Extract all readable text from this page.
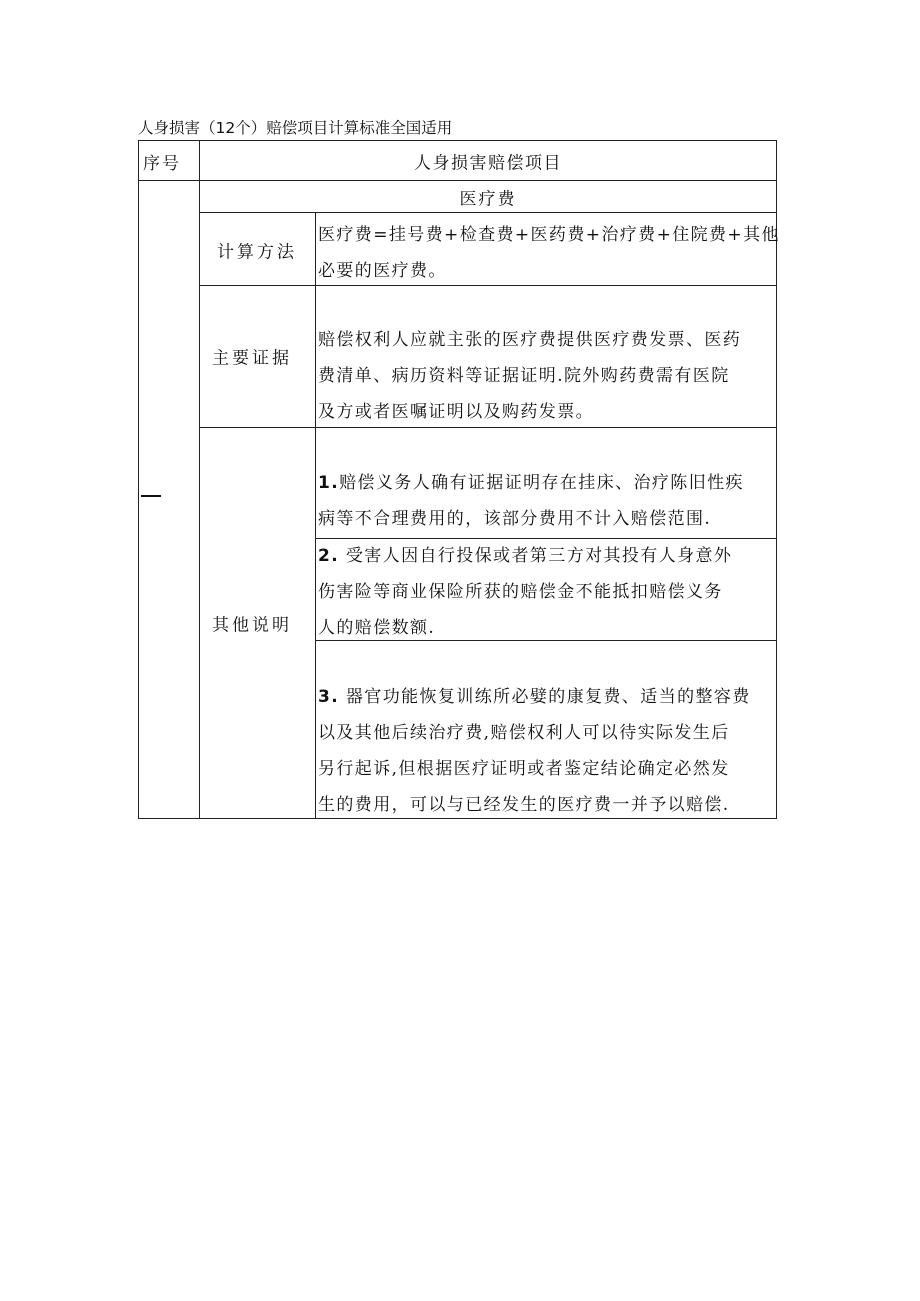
人身损害（12个）赔偿项目计算标准全国适用
序号	人身损害赔偿项目
医疗费
计算方法
主要证据
其他说明
医疗费=挂号费+检查费+医药费+治疗费+住院费+其他
必要的医疗费。
赔偿权利人应就主张的医疗费提供医疗费发票、医药
费清单、病历资料等证据证明.院外购药费需有医院
及方或者医嘱证明以及购药发票。
1.赔偿义务人确有证据证明存在挂床、治疗陈旧性疾
病等不合理费用的，该部分费用不计入赔偿范围.
2. 受害人因自行投保或者第三方对其投有人身意外
伤害险等商业保险所获的赔偿金不能抵扣赔偿义务
人的赔偿数额.
3. 器官功能恢复训练所必嬖的康复费、适当的整容费
以及其他后续治疗费,赔偿权利人可以待实际发生后
另行起诉,但根据医疗证明或者鉴定结论确定必然发
生的费用，可以与已经发生的医疗费一并予以赔偿.
